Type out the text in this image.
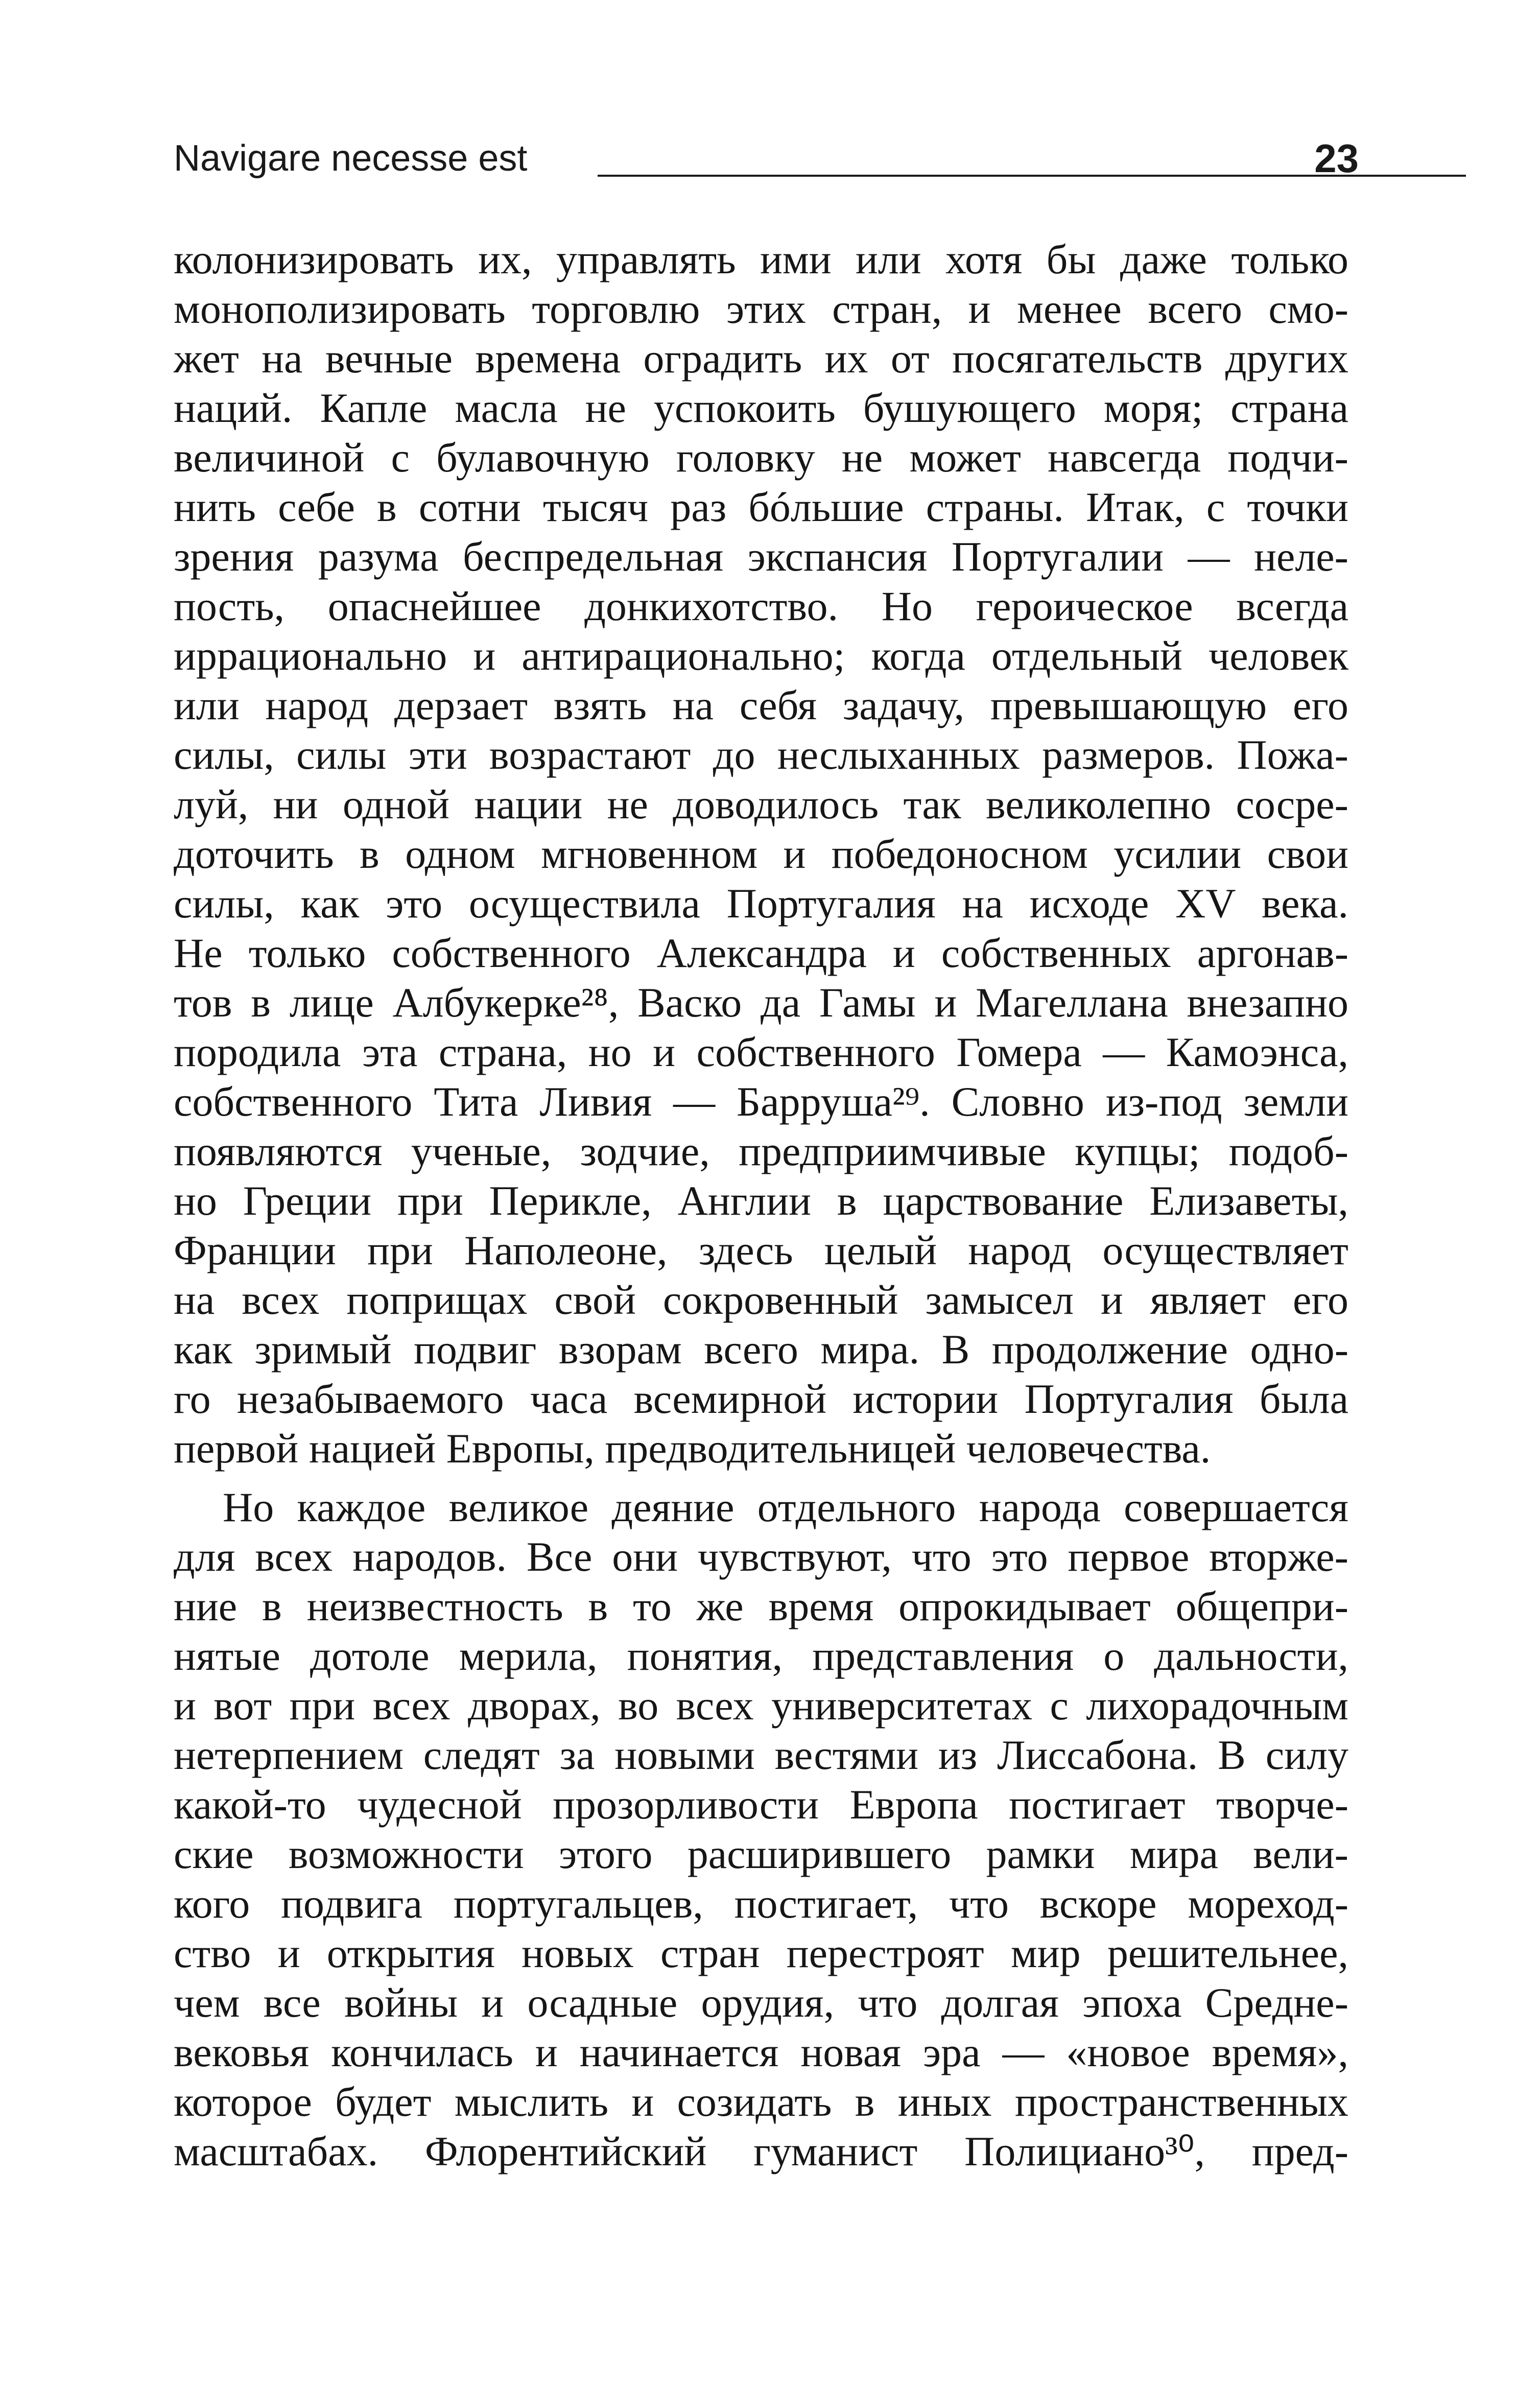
Navigare necesse est	23
колонизировать их, управлять ими или хотя бы даже только
монополизировать торговлю этих стран, и менее всего смо-
жет на вечные времена оградить их от посягательств других
наций. Капле масла не успокоить бушующего моря; страна
величиной с булавочную головку не может навсегда подчи-
нить себе в сотни тысяч раз бóльшие страны. Итак, с точки
зрения разума беспредельная экспансия Португалии — неле-
пость, опаснейшее донкихотство. Но героическое всегда
иррационально и антирационально; когда отдельный человек
или народ дерзает взять на себя задачу, превышающую его
силы, силы эти возрастают до неслыханных размеров. Пожа-
луй, ни одной нации не доводилось так великолепно сосре-
доточить в одном мгновенном и победоносном усилии свои
силы, как это осуществила Португалия на исходе XV века.
Не только собственного Александра и собственных аргонав-
тов в лице Албукерке²⁸, Васко да Гамы и Магеллана внезапно
породила эта страна, но и собственного Гомера — Камоэнса,
собственного Тита Ливия — Барруша²⁹. Словно из-под земли
появляются ученые, зодчие, предприимчивые купцы; подоб-
но Греции при Перикле, Англии в царствование Елизаветы,
Франции при Наполеоне, здесь целый народ осуществляет
на всех поприщах свой сокровенный замысел и являет его
как зримый подвиг взорам всего мира. В продолжение одно-
го незабываемого часа всемирной истории Португалия была
первой нацией Европы, предводительницей человечества.
Но каждое великое деяние отдельного народа совершается
для всех народов. Все они чувствуют, что это первое вторже-
ние в неизвестность в то же время опрокидывает общепри-
нятые дотоле мерила, понятия, представления о дальности,
и вот при всех дворах, во всех университетах с лихорадочным
нетерпением следят за новыми вестями из Лиссабона. В силу
какой-то чудесной прозорливости Европа постигает творче-
ские возможности этого расширившего рамки мира вели-
кого подвига португальцев, постигает, что вскоре мореход-
ство и открытия новых стран перестроят мир решительнее,
чем все войны и осадные орудия, что долгая эпоха Средне-
вековья кончилась и начинается новая эра — «новое время»,
которое будет мыслить и созидать в иных пространственных
масштабах. Флорентийский гуманист Полициано³⁰, пред-
